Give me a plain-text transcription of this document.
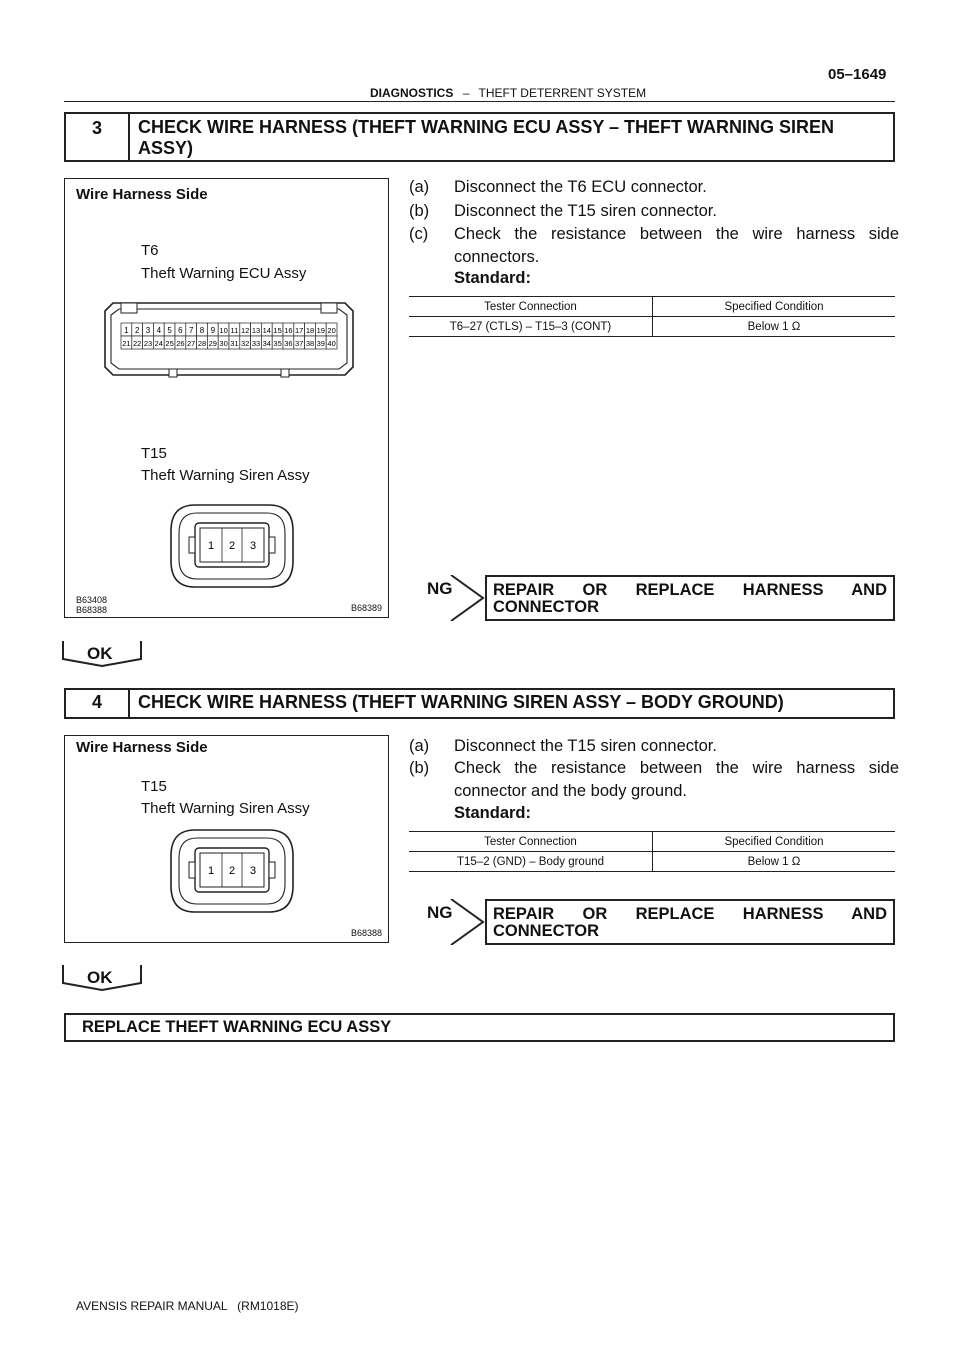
DIAGNOSTICS – THEFT DETERRENT SYSTEM
05–1649
3	CHECK WIRE HARNESS (THEFT WARNING ECU ASSY – THEFT WARNING SIREN ASSY)
Wire Harness Side
T6
Theft Warning ECU Assy
1 2 3 4 5 6 7 8 9 10 11 12 13 14 15 16 17 18 19 20
21 22 23 24 25 26 27 28 29 30 31 32 33 34 35 36 37 38 39 40
T15
Theft Warning Siren Assy
1 2 3
B63408
B68388	B68389
(a) Disconnect the T6 ECU connector.
(b) Disconnect the T15 siren connector.
(c) Check the resistance between the wire harness side connectors.
Standard:
Tester Connection	Specified Condition
T6–27 (CTLS) – T15–3 (CONT)	Below 1 Ω
NG	REPAIR OR REPLACE HARNESS AND CONNECTOR
OK
4	CHECK WIRE HARNESS (THEFT WARNING SIREN ASSY – BODY GROUND)
Wire Harness Side
T15
Theft Warning Siren Assy
1 2 3
B68388
(a) Disconnect the T15 siren connector.
(b) Check the resistance between the wire harness side connector and the body ground.
Standard:
Tester Connection	Specified Condition
T15–2 (GND) – Body ground	Below 1 Ω
NG	REPAIR OR REPLACE HARNESS AND CONNECTOR
OK
REPLACE THEFT WARNING ECU ASSY
AVENSIS REPAIR MANUAL   (RM1018E)
